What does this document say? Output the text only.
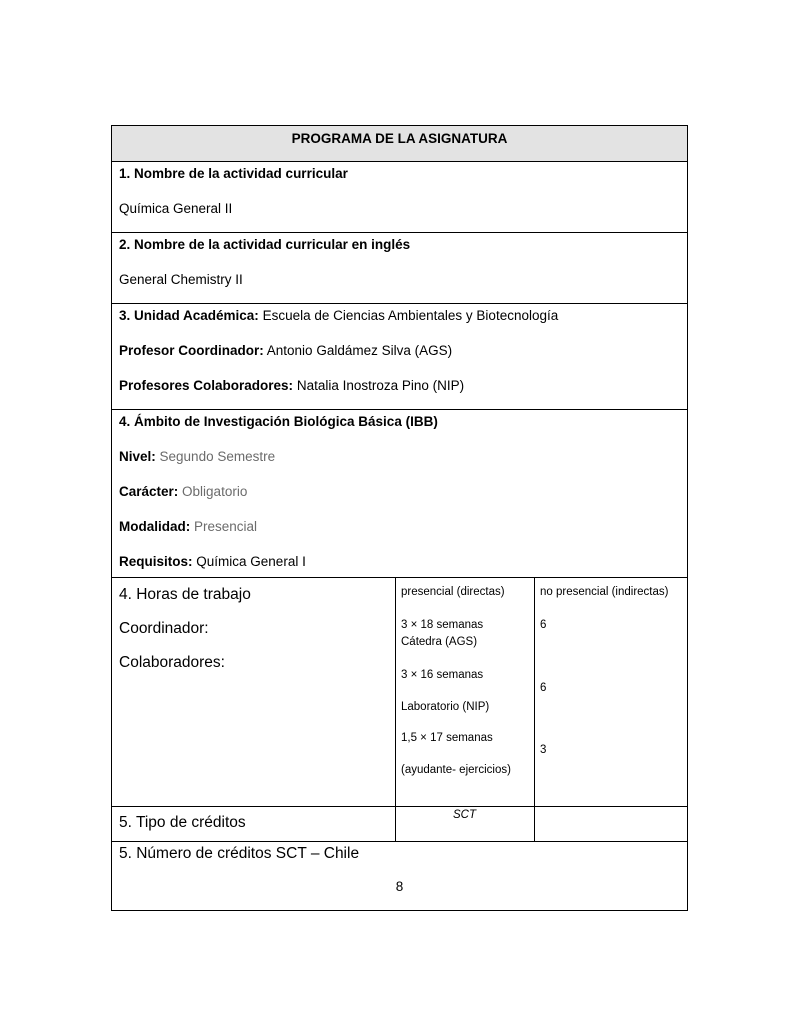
PROGRAMA DE LA ASIGNATURA
1. Nombre de la actividad curricular
Química General II
2. Nombre de la actividad curricular en inglés
General Chemistry II
3. Unidad Académica: Escuela de Ciencias Ambientales y Biotecnología
Profesor Coordinador: Antonio Galdámez Silva (AGS)
Profesores Colaboradores: Natalia Inostroza Pino (NIP)
4. Ámbito de Investigación Biológica Básica (IBB)
Nivel: Segundo Semestre
Carácter: Obligatorio
Modalidad: Presencial
Requisitos: Química General I
4. Horas de trabajo
Coordinador:
Colaboradores:
presencial (directas)
3 × 18 semanas
Cátedra (AGS)
3 × 16 semanas
Laboratorio (NIP)
1,5 × 17 semanas
(ayudante- ejercicios)
no presencial (indirectas)
6
6
3
5. Tipo de créditos	SCT
5. Número de créditos SCT – Chile
8
